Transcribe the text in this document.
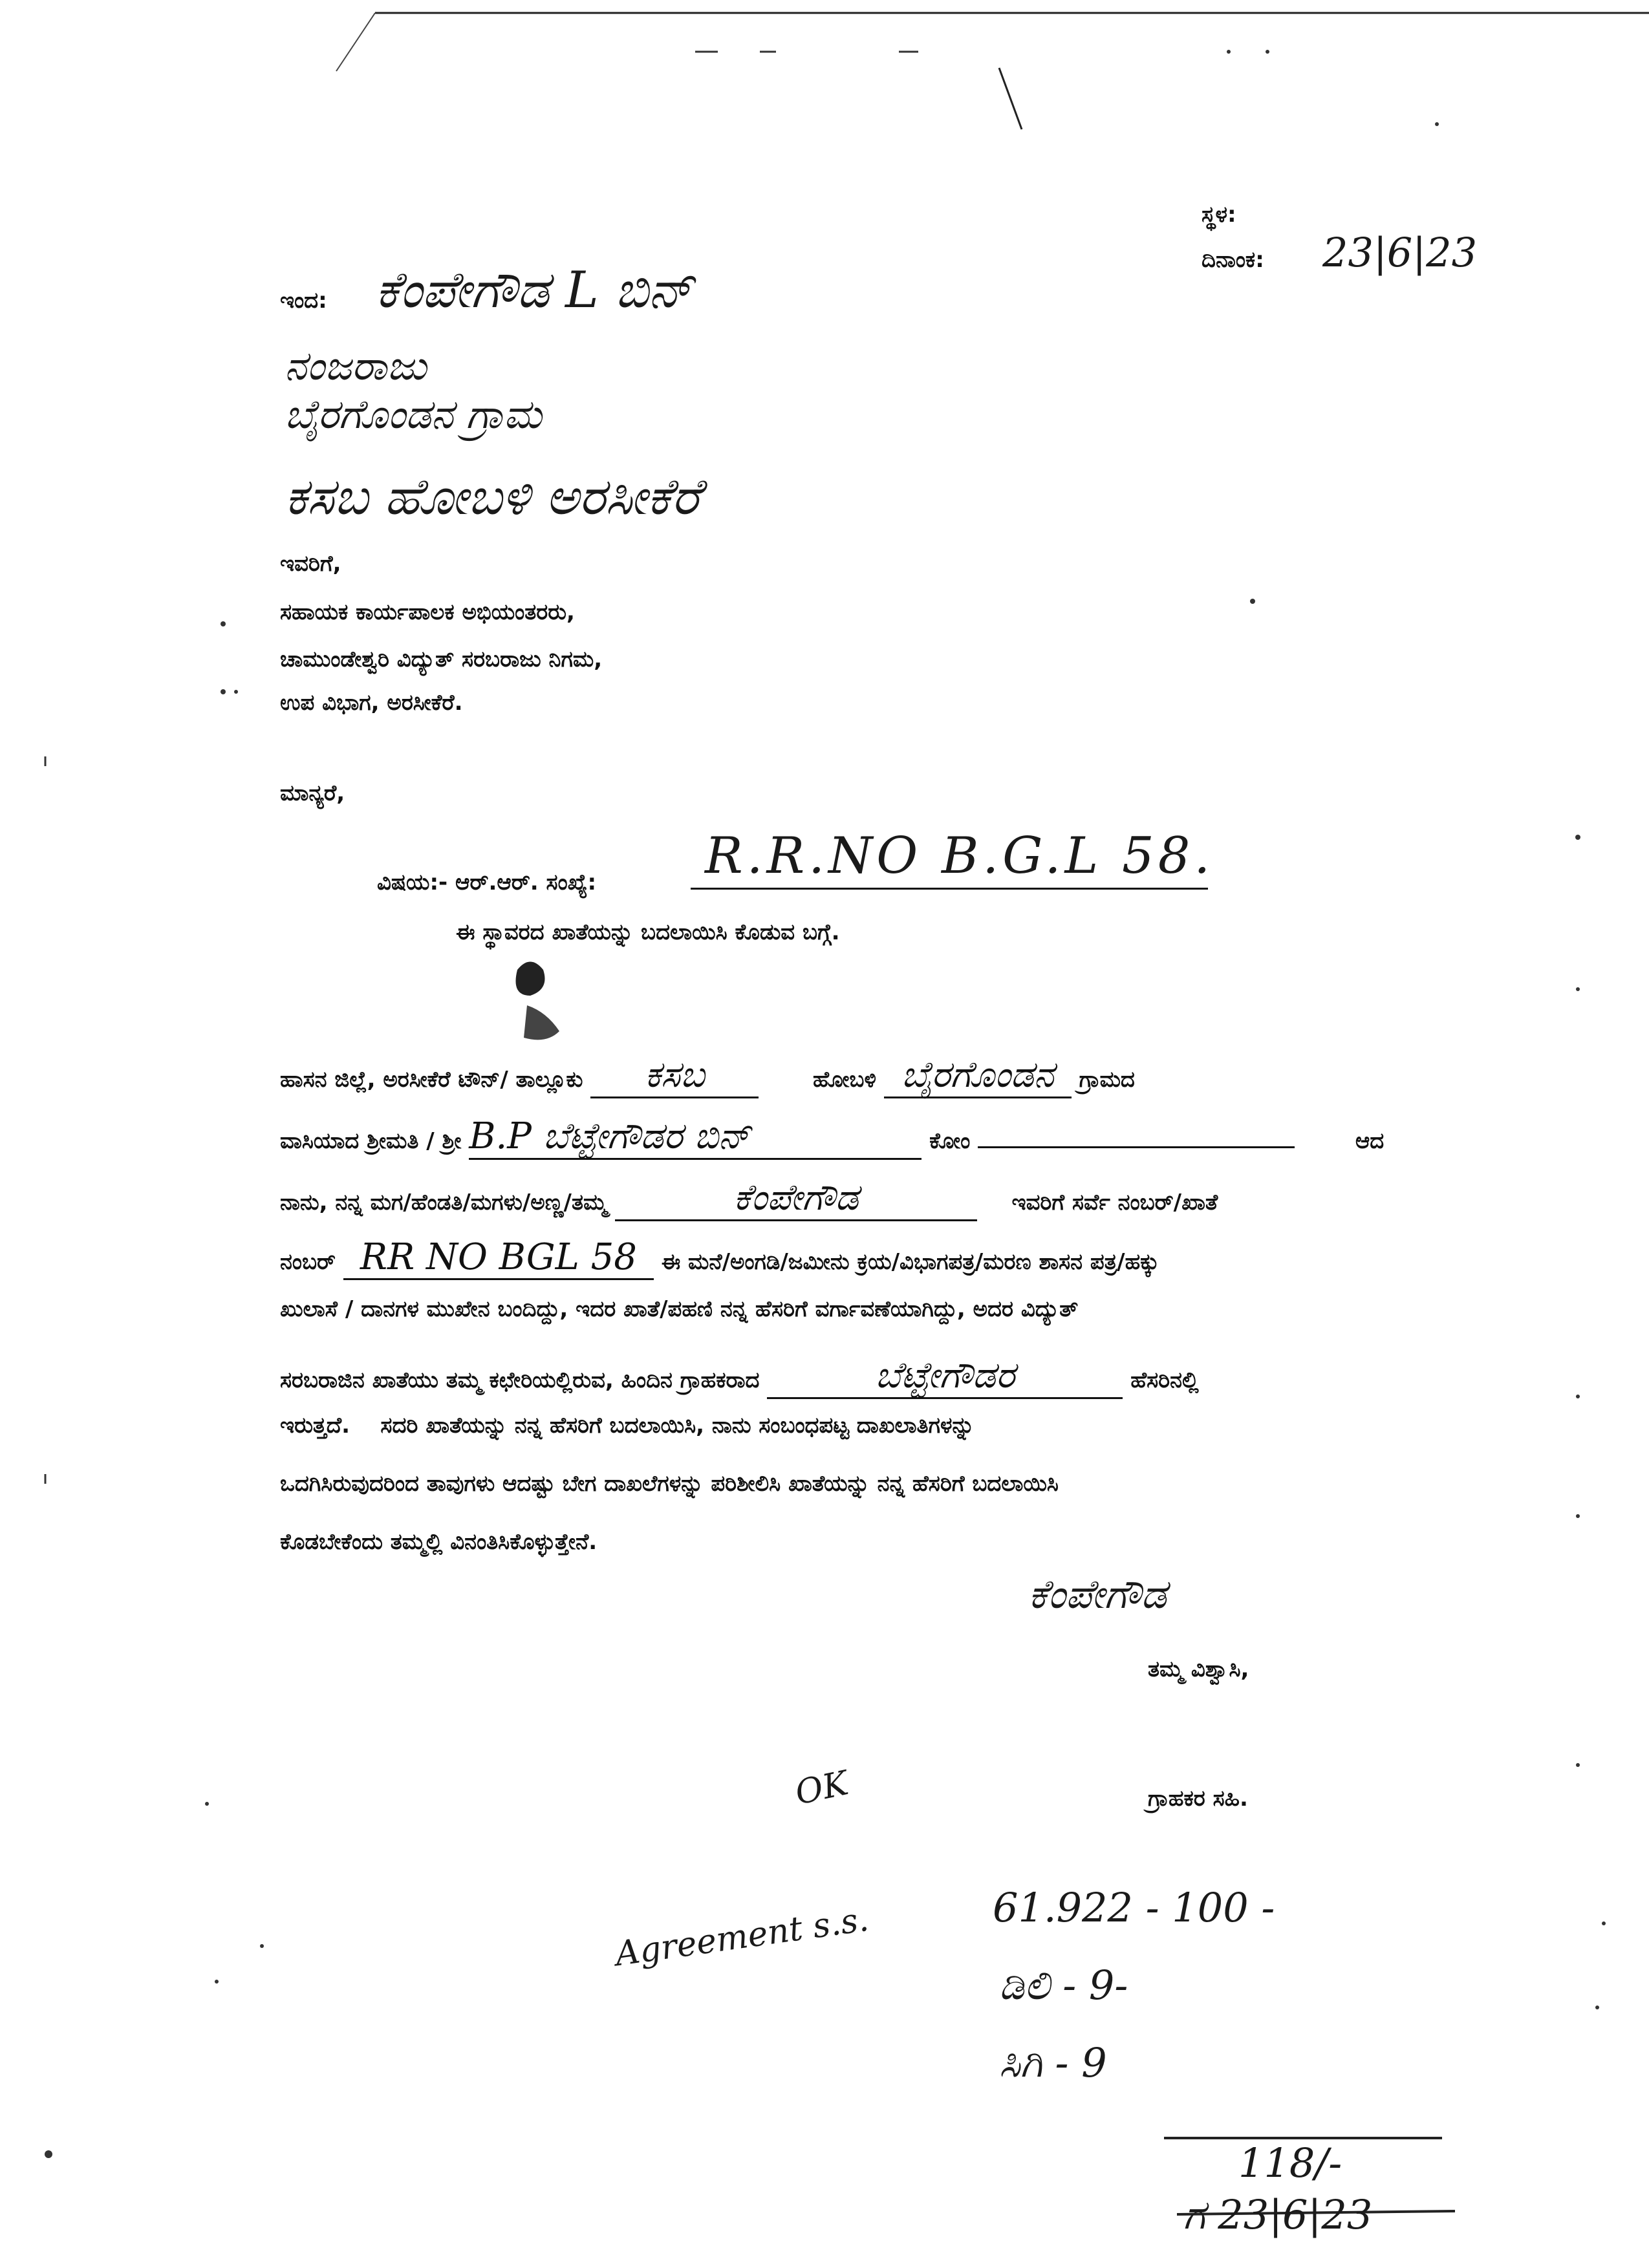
ಸ್ಥಳ:
ದಿನಾಂಕ: 23|6|23
ಇಂದ: ಕೆಂಪೇಗೌಡ L ಬಿನ್
ನಂಜರಾಜು
ಬೈರಗೊಂಡನ ಗ್ರಾಮ
ಕಸಬ ಹೋಬಳಿ ಅರಸೀಕೆರೆ
ಇವರಿಗೆ,
ಸಹಾಯಕ ಕಾರ್ಯಪಾಲಕ ಅಭಿಯಂತರರು,
ಚಾಮುಂಡೇಶ್ವರಿ ವಿದ್ಯುತ್ ಸರಬರಾಜು ನಿಗಮ,
ಉಪ ವಿಭಾಗ, ಅರಸೀಕೆರೆ.
ಮಾನ್ಯರೆ,
ವಿಷಯ:- ಆರ್.ಆರ್. ಸಂಖ್ಯೆ: R.R.NO B.G.L 58.
ಈ ಸ್ಥಾವರದ ಖಾತೆಯನ್ನು ಬದಲಾಯಿಸಿ ಕೊಡುವ ಬಗ್ಗೆ.
ಹಾಸನ ಜಿಲ್ಲೆ, ಅರಸೀಕೆರೆ ಟೌನ್/ ತಾಲ್ಲೂಕು ಕಸಬ	ಹೋಬಳಿ ಬೈರಗೊಂಡನ ಗ್ರಾಮದ
ವಾಸಿಯಾದ ಶ್ರೀಮತಿ / ಶ್ರೀ B.P ಬೆಟ್ಟೇಗೌಡರ ಬಿನ್	ಕೋಂ	ಆದ
ನಾನು, ನನ್ನ ಮಗ/ಹೆಂಡತಿ/ಮಗಳು/ಅಣ್ಣ/ತಮ್ಮ	ಕೆಂಪೇಗೌಡ	ಇವರಿಗೆ ಸರ್ವೆ ನಂಬರ್/ಖಾತೆ
ನಂಬರ್ RR NO BGL 58 ಈ ಮನೆ/ಅಂಗಡಿ/ಜಮೀನು ಕ್ರಯ/ವಿಭಾಗಪತ್ರ/ಮರಣ ಶಾಸನ ಪತ್ರ/ಹಕ್ಕು
ಖುಲಾಸೆ / ದಾನಗಳ ಮುಖೇನ ಬಂದಿದ್ದು, ಇದರ ಖಾತೆ/ಪಹಣಿ ನನ್ನ ಹೆಸರಿಗೆ ವರ್ಗಾವಣೆಯಾಗಿದ್ದು, ಅದರ ವಿದ್ಯುತ್
ಸರಬರಾಜಿನ ಖಾತೆಯು ತಮ್ಮ ಕಛೇರಿಯಲ್ಲಿರುವ, ಹಿಂದಿನ ಗ್ರಾಹಕರಾದ	ಬೆಟ್ಟೇಗೌಡರ	ಹೆಸರಿನಲ್ಲಿ
ಇರುತ್ತದೆ.    ಸದರಿ ಖಾತೆಯನ್ನು ನನ್ನ ಹೆಸರಿಗೆ ಬದಲಾಯಿಸಿ, ನಾನು ಸಂಬಂಧಪಟ್ಟ ದಾಖಲಾತಿಗಳನ್ನು
ಒದಗಿಸಿರುವುದರಿಂದ ತಾವುಗಳು ಆದಷ್ಟು ಬೇಗ ದಾಖಲೆಗಳನ್ನು ಪರಿಶೀಲಿಸಿ ಖಾತೆಯನ್ನು ನನ್ನ ಹೆಸರಿಗೆ ಬದಲಾಯಿಸಿ
ಕೊಡಬೇಕೆಂದು ತಮ್ಮಲ್ಲಿ ವಿನಂತಿಸಿಕೊಳ್ಳುತ್ತೇನೆ.
ಕೆಂಪೇಗೌಡ
ತಮ್ಮ ವಿಶ್ವಾಸಿ,
OK	ಗ್ರಾಹಕರ ಸಹಿ.
Agreement s.s.	61.922 - 100 -
ಡಿಲಿ - 9-
ಸಿಗಿ - 9
118/-
ಗ 23|6|23
